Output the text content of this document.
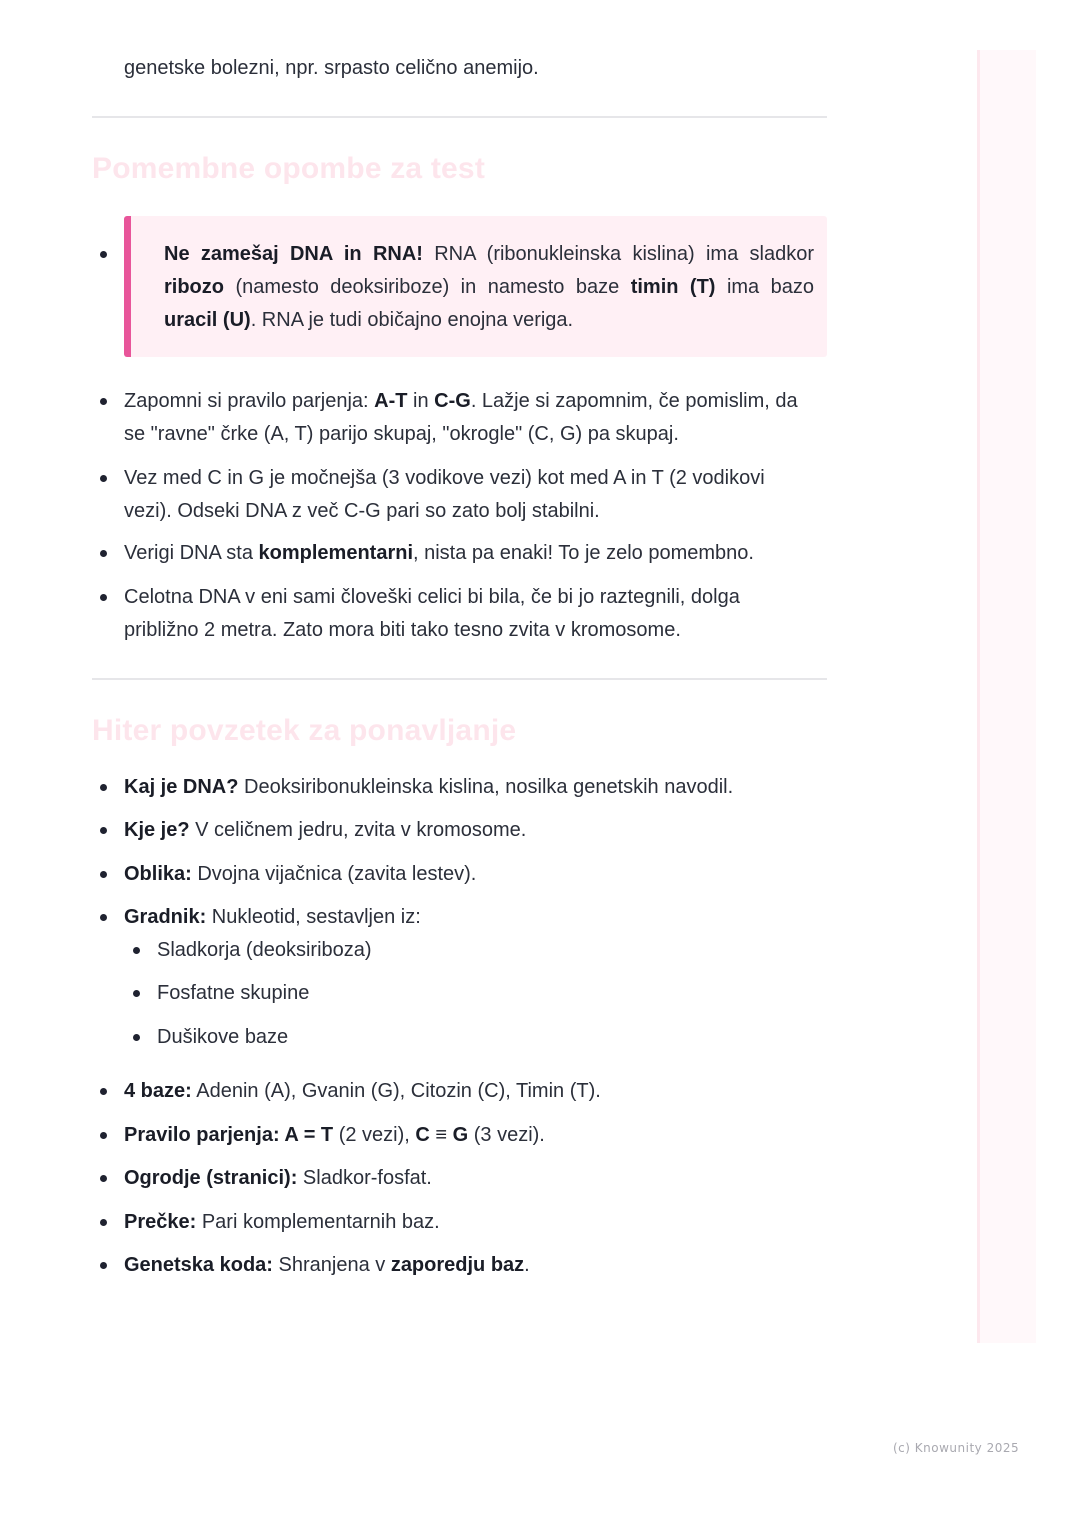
genetske bolezni, npr. srpasto celično anemijo.

Pomembne opombe za test

Ne zamešaj DNA in RNA! RNA (ribonukleinska kislina) ima sladkor ribozo (namesto deoksiriboze) in namesto baze timin (T) ima bazo uracil (U). RNA je tudi običajno enojna veriga.

Zapomni si pravilo parjenja: A-T in C-G. Lažje si zapomnim, če pomislim, da se "ravne" črke (A, T) parijo skupaj, "okrogle" (C, G) pa skupaj.

Vez med C in G je močnejša (3 vodikove vezi) kot med A in T (2 vodikovi vezi). Odseki DNA z več C-G pari so zato bolj stabilni.

Verigi DNA sta komplementarni, nista pa enaki! To je zelo pomembno.

Celotna DNA v eni sami človeški celici bi bila, če bi jo raztegnili, dolga približno 2 metra. Zato mora biti tako tesno zvita v kromosome.

Hiter povzetek za ponavljanje

Kaj je DNA? Deoksiribonukleinska kislina, nosilka genetskih navodil.

Kje je? V celičnem jedru, zvita v kromosome.

Oblika: Dvojna vijačnica (zavita lestev).

Gradnik: Nukleotid, sestavljen iz:

Sladkorja (deoksiriboza)

Fosfatne skupine

Dušikove baze

4 baze: Adenin (A), Gvanin (G), Citozin (C), Timin (T).

Pravilo parjenja: A = T (2 vezi), C ≡ G (3 vezi).

Ogrodje (stranici): Sladkor-fosfat.

Prečke: Pari komplementarnih baz.

Genetska koda: Shranjena v zaporedju baz.

(c) Knowunity 2025
